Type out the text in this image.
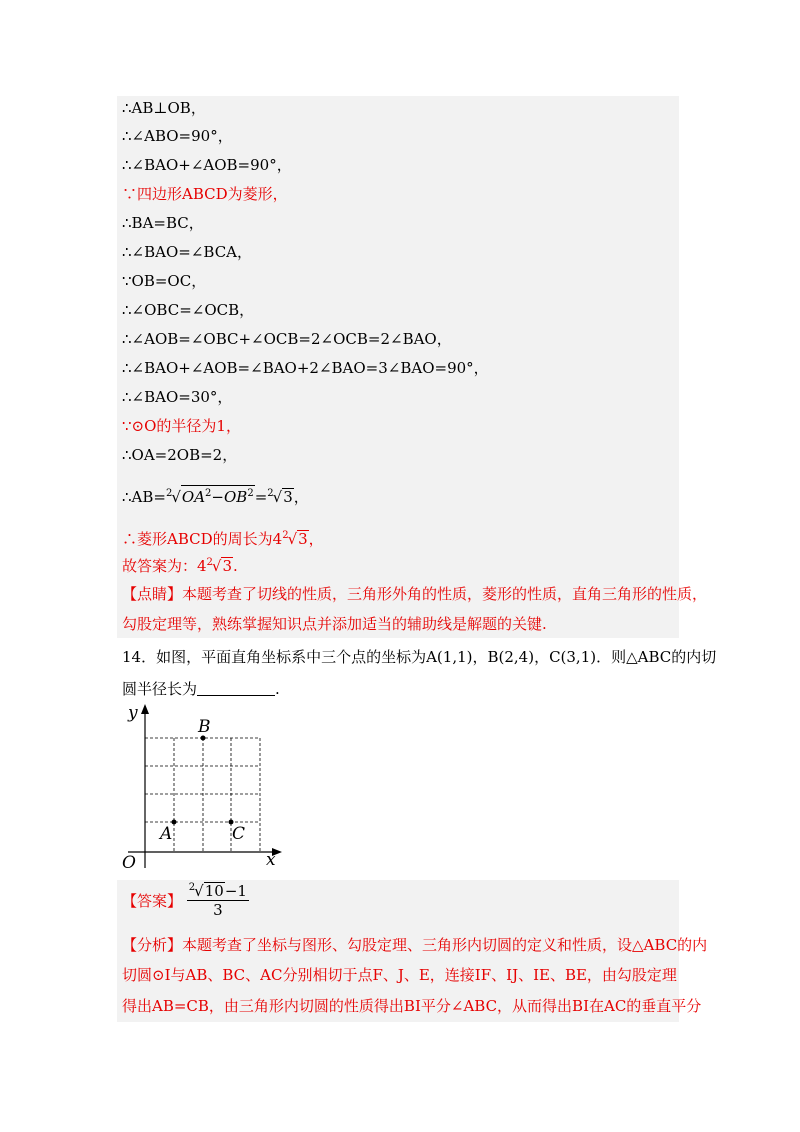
∴AB⊥OB，
∴∠ABO=90°，
∴∠BAO+∠AOB=90°，
∵四边形ABCD为菱形，
∴BA=BC，
∴∠BAO=∠BCA，
∵OB=OC，
∴∠OBC=∠OCB，
∴∠AOB=∠OBC+∠OCB=2∠OCB=2∠BAO，
∴∠BAO+∠AOB=∠BAO+2∠BAO=3∠BAO=90°，
∴∠BAO=30°，
∵⊙O的半径为1，
∴OA=2OB=2，
$\therefore AB=^2√OA^2-OB^2=^2√3$，
∴菱形ABCD的周长为$4^2√3$，
故答案为：$4^2√3$.
【点睛】本题考查了切线的性质，三角形外角的性质，菱形的性质，直角三角形的性质，
勾股定理等，熟练掌握知识点并添加适当的辅助线是解题的关键.
14．如图，平面直角坐标系中三个点的坐标为A(1,1)，B(2,4)，C(3,1)．则△ABC的内切
圆半径长为	.
y
x
O
A
B
C
【答案】 $\frac{^2√10-1}{3}$
【分析】本题考查了坐标与图形、勾股定理、三角形内切圆的定义和性质，设△ABC的内
切圆⊙I与AB、BC、AC分别相切于点F、J、E，连接IF、IJ、IE、BE，由勾股定理
得出AB=CB，由三角形内切圆的性质得出BI平分∠ABC，从而得出BI在AC的垂直平分
